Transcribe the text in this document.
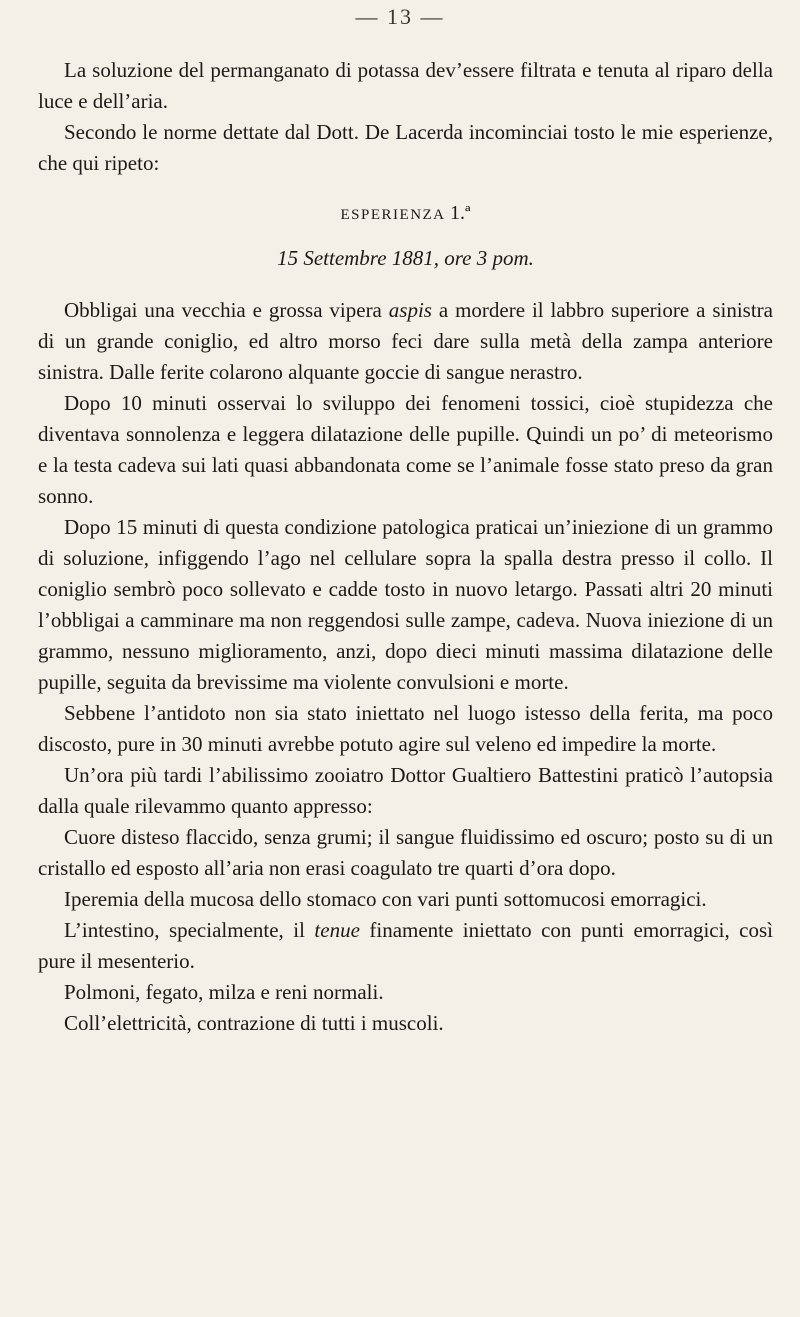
— 13 —

La soluzione del permanganato di potassa dev’essere filtrata e tenuta al riparo della luce e dell’aria.

Secondo le norme dettate dal Dott. De Lacerda incominciai tosto le mie esperienze, che qui ripeto:

ESPERIENZA 1.ª
15 Settembre 1881, ore 3 pom.

Obbligai una vecchia e grossa vipera aspis a mordere il labbro superiore a sinistra di un grande coniglio, ed altro morso feci dare sulla metà della zampa anteriore sinistra. Dalle ferite colarono alquante goccie di sangue nerastro.

Dopo 10 minuti osservai lo sviluppo dei fenomeni tossici, cioè stupidezza che diventava sonnolenza e leggera dilatazione delle pupille. Quindi un po’ di meteorismo e la testa cadeva sui lati quasi abbandonata come se l’animale fosse stato preso da gran sonno.

Dopo 15 minuti di questa condizione patologica praticai un’iniezione di un grammo di soluzione, infiggendo l’ago nel cellulare sopra la spalla destra presso il collo. Il coniglio sembrò poco sollevato e cadde tosto in nuovo letargo. Passati altri 20 minuti l’obbligai a camminare ma non reggendosi sulle zampe, cadeva. Nuova iniezione di un grammo, nessuno miglioramento, anzi, dopo dieci minuti massima dilatazione delle pupille, seguita da brevissime ma violente convulsioni e morte.

Sebbene l’antidoto non sia stato iniettato nel luogo istesso della ferita, ma poco discosto, pure in 30 minuti avrebbe potuto agire sul veleno ed impedire la morte.

Un’ora più tardi l’abilissimo zooiatro Dottor Gualtiero Battestini praticò l’autopsia dalla quale rilevammo quanto appresso:

Cuore disteso flaccido, senza grumi; il sangue fluidissimo ed oscuro; posto su di un cristallo ed esposto all’aria non erasi coagulato tre quarti d’ora dopo.

Iperemia della mucosa dello stomaco con vari punti sottomucosi emorragici.

L’intestino, specialmente, il tenue finamente iniettato con punti emorragici, così pure il mesenterio.

Polmoni, fegato, milza e reni normali.

Coll’elettricità, contrazione di tutti i muscoli.
